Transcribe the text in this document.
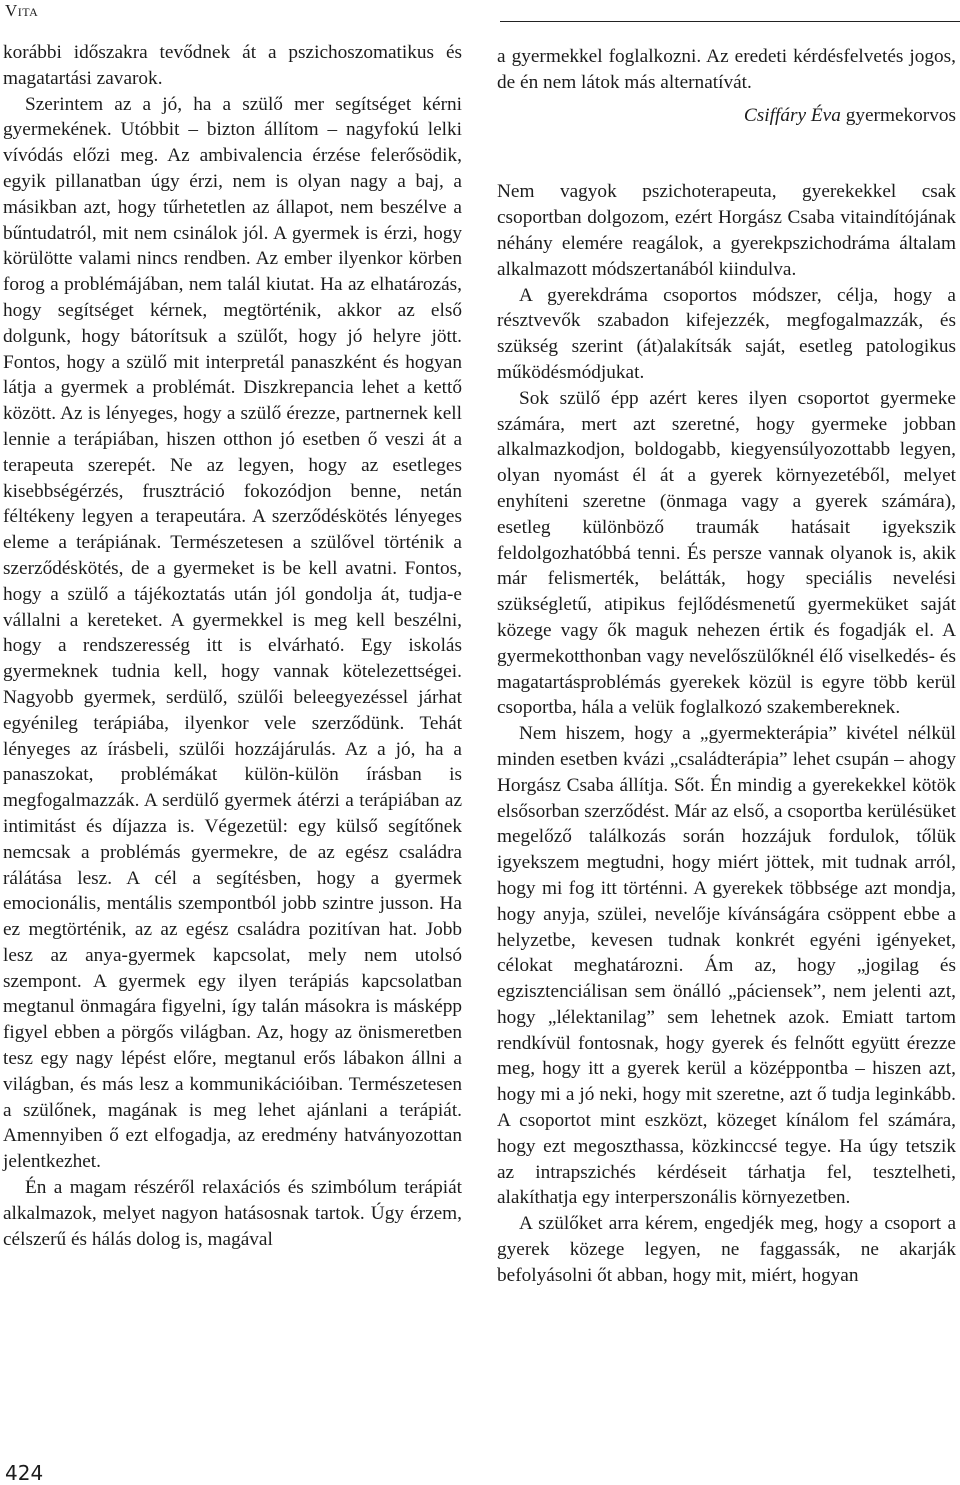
Vita

korábbi időszakra tevődnek át a pszichoszomatikus és magatartási zavarok.

Szerintem az a jó, ha a szülő mer segítséget kérni gyermekének. Utóbbit – bizton állítom – nagyfokú lelki vívódás előzi meg. Az ambivalencia érzése felerősödik, egyik pillanatban úgy érzi, nem is olyan nagy a baj, a másikban azt, hogy tűrhetetlen az állapot, nem beszélve a bűntudatról, mit nem csinálok jól. A gyermek is érzi, hogy körülötte valami nincs rendben. Az ember ilyenkor körben forog a problémájában, nem talál kiutat. Ha az elhatározás, hogy segítséget kérnek, megtörténik, akkor az első dolgunk, hogy bátorítsuk a szülőt, hogy jó helyre jött. Fontos, hogy a szülő mit interpretál panaszként és hogyan látja a gyermek a problémát. Diszkrepancia lehet a kettő között. Az is lényeges, hogy a szülő érezze, partnernek kell lennie a terápiában, hiszen otthon jó esetben ő veszi át a terapeuta szerepét. Ne az legyen, hogy az esetleges kisebbségérzés, frusztráció fokozódjon benne, netán féltékeny legyen a terapeutára. A szerződéskötés lényeges eleme a terápiának. Természetesen a szülővel történik a szerződéskötés, de a gyermeket is be kell avatni. Fontos, hogy a szülő a tájékoztatás után jól gondolja át, tudja-e vállalni a kereteket. A gyermekkel is meg kell beszélni, hogy a rendszeresség itt is elvárható. Egy iskolás gyermeknek tudnia kell, hogy vannak kötelezettségei. Nagyobb gyermek, serdülő, szülői beleegyezéssel járhat egyénileg terápiába, ilyenkor vele szerződünk. Tehát lényeges az írásbeli, szülői hozzájárulás. Az a jó, ha a panaszokat, problémákat külön-külön írásban is megfogalmazzák. A serdülő gyermek átérzi a terápiában az intimitást és díjazza is. Végezetül: egy külső segítőnek nemcsak a problémás gyermekre, de az egész családra rálátása lesz. A cél a segítésben, hogy a gyermek emocionális, mentális szempontból jobb szintre jusson. Ha ez megtörténik, az az egész családra pozitívan hat. Jobb lesz az anya-gyermek kapcsolat, mely nem utolsó szempont. A gyermek egy ilyen terápiás kapcsolatban megtanul önmagára figyelni, így talán másokra is másképp figyel ebben a pörgős világban. Az, hogy az önismeretben tesz egy nagy lépést előre, megtanul erős lábakon állni a világban, és más lesz a kommunikációiban. Természetesen a szülőnek, magának is meg lehet ajánlani a terápiát. Amennyiben ő ezt elfogadja, az eredmény hatványozottan jelentkezhet.

Én a magam részéről relaxációs és szimbólum terápiát alkalmazok, melyet nagyon hatásosnak tartok. Úgy érzem, célszerű és hálás dolog is, magával

a gyermekkel foglalkozni. Az eredeti kérdésfelvetés jogos, de én nem látok más alternatívát.

Csiffáry Éva gyermekorvos

Nem vagyok pszichoterapeuta, gyerekekkel csak csoportban dolgozom, ezért Horgász Csaba vitaindítójának néhány elemére reagálok, a gyerekpszichodráma általam alkalmazott módszertanából kiindulva.

A gyerekdráma csoportos módszer, célja, hogy a résztvevők szabadon kifejezzék, megfogalmazzák, és szükség szerint (át)alakítsák saját, esetleg patologikus működésmódjukat.

Sok szülő épp azért keres ilyen csoportot gyermeke számára, mert azt szeretné, hogy gyermeke jobban alkalmazkodjon, boldogabb, kiegyensúlyozottabb legyen, olyan nyomást él át a gyerek környezetéből, melyet enyhíteni szeretne (önmaga vagy a gyerek számára), esetleg különböző traumák hatásait igyekszik feldolgozhatóbbá tenni. És persze vannak olyanok is, akik már felismerték, belátták, hogy speciális nevelési szükségletű, atipikus fejlődésmenetű gyermeküket saját közege vagy ők maguk nehezen értik és fogadják el. A gyermekotthonban vagy nevelőszülőknél élő viselkedés- és magatartásproblémás gyerekek közül is egyre több kerül csoportba, hála a velük foglalkozó szakembereknek.

Nem hiszem, hogy a „gyermekterápia” kivétel nélkül minden esetben kvázi „családterápia” lehet csupán – ahogy Horgász Csaba állítja. Sőt. Én mindig a gyerekekkel kötök elsősorban szerződést. Már az első, a csoportba kerülésüket megelőző találkozás során hozzájuk fordulok, tőlük igyekszem megtudni, hogy miért jöttek, mit tudnak arról, hogy mi fog itt történni. A gyerekek többsége azt mondja, hogy anyja, szülei, nevelője kívánságára csöppent ebbe a helyzetbe, kevesen tudnak konkrét egyéni igényeket, célokat meghatározni. Ám az, hogy „jogilag és egzisztenciálisan sem önálló „páciensek”, nem jelenti azt, hogy „lélektanilag” sem lehetnek azok. Emiatt tartom rendkívül fontosnak, hogy gyerek és felnőtt együtt érezze meg, hogy itt a gyerek kerül a középpontba – hiszen azt, hogy mi a jó neki, hogy mit szeretne, azt ő tudja leginkább. A csoportot mint eszközt, közeget kínálom fel számára, hogy ezt megoszthassa, közkinccsé tegye. Ha úgy tetszik az intrapszichés kérdéseit tárhatja fel, tesztelheti, alakíthatja egy interperszonális környezetben.

A szülőket arra kérem, engedjék meg, hogy a csoport a gyerek közege legyen, ne faggassák, ne akarják befolyásolni őt abban, hogy mit, miért, hogyan

424
